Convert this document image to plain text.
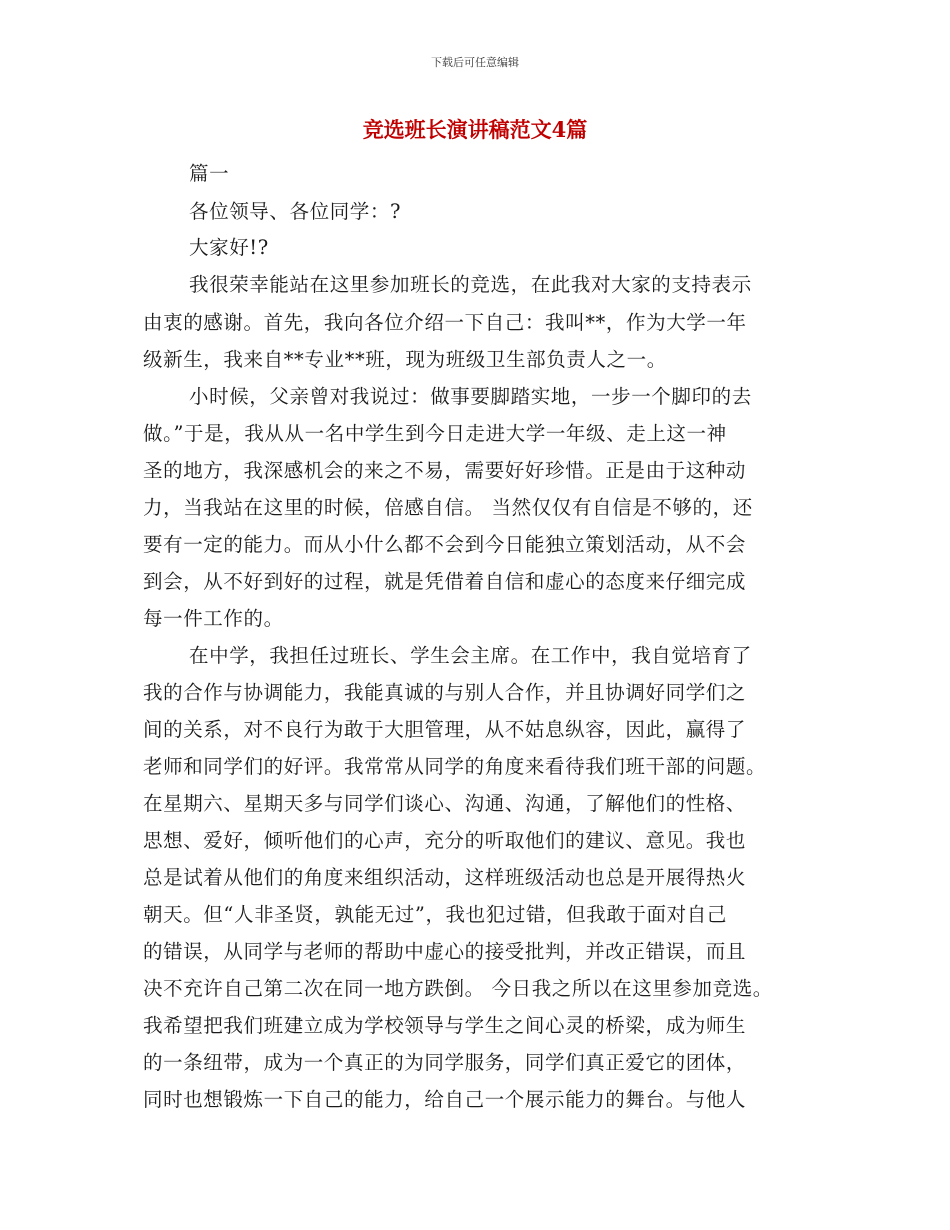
下载后可任意编辑
竞选班长演讲稿范文4篇
篇一
各位领导、各位同学：?
大家好!?
我很荣幸能站在这里参加班长的竞选，在此我对大家的支持表示
由衷的感谢。首先，我向各位介绍一下自己：我叫**，作为大学一年
级新生，我来自**专业**班，现为班级卫生部负责人之一。
小时候，父亲曾对我说过：做事要脚踏实地，一步一个脚印的去
做。”于是，我从从一名中学生到今日走进大学一年级、走上这一神
圣的地方，我深感机会的来之不易，需要好好珍惜。正是由于这种动
力，当我站在这里的时候，倍感自信。 当然仅仅有自信是不够的，还
要有一定的能力。而从小什么都不会到今日能独立策划活动，从不会
到会，从不好到好的过程，就是凭借着自信和虚心的态度来仔细完成
每一件工作的。
在中学，我担任过班长、学生会主席。在工作中，我自觉培育了
我的合作与协调能力，我能真诚的与别人合作，并且协调好同学们之
间的关系，对不良行为敢于大胆管理，从不姑息纵容，因此，赢得了
老师和同学们的好评。我常常从同学的角度来看待我们班干部的问题。
在星期六、星期天多与同学们谈心、沟通、沟通，了解他们的性格、
思想、爱好，倾听他们的心声，充分的听取他们的建议、意见。我也
总是试着从他们的角度来组织活动，这样班级活动也总是开展得热火
朝天。但“人非圣贤，孰能无过”，我也犯过错，但我敢于面对自己
的错误，从同学与老师的帮助中虚心的接受批判，并改正错误，而且
决不充许自己第二次在同一地方跌倒。 今日我之所以在这里参加竞选。
我希望把我们班建立成为学校领导与学生之间心灵的桥梁，成为师生
的一条纽带，成为一个真正的为同学服务，同学们真正爱它的团体，
同时也想锻炼一下自己的能力，给自己一个展示能力的舞台。与他人
